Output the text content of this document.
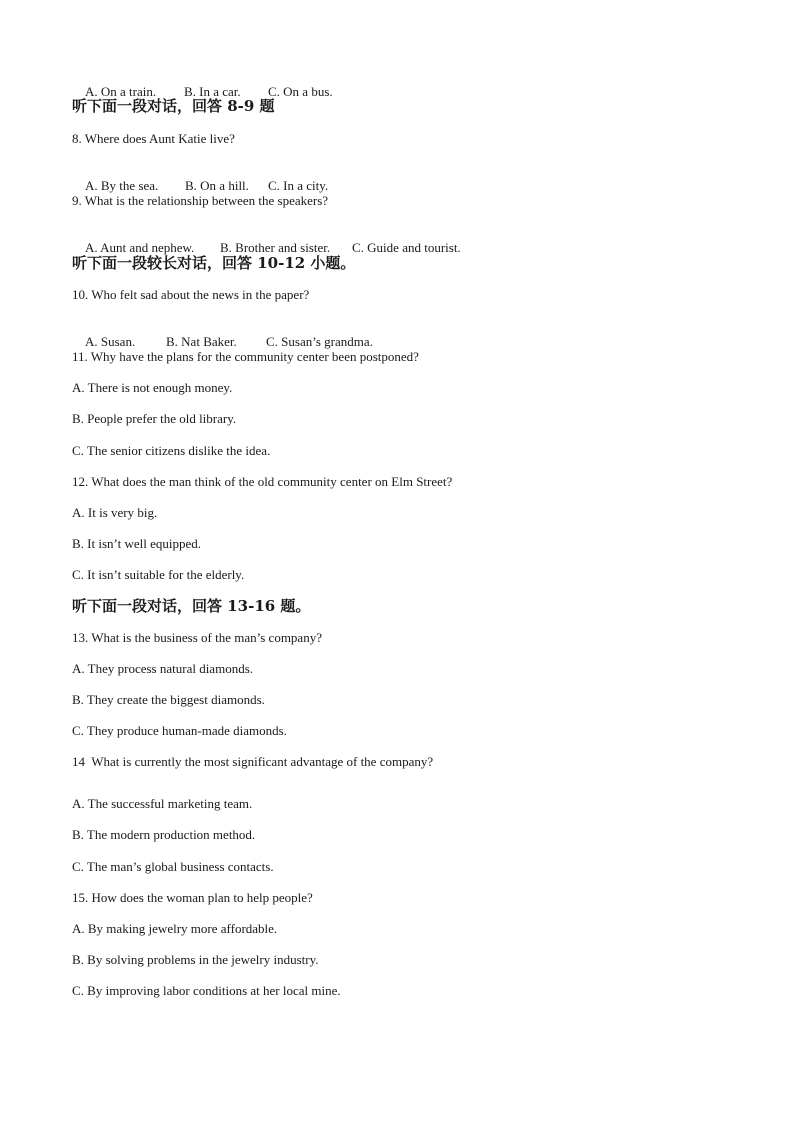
A. On a train. B. In a car. C. On a bus.

听下面一段对话，回答 8-9 题
8. Where does Aunt Katie live?

A. By the sea. B. On a hill. C. In a city.

9. What is the relationship between the speakers?

A. Aunt and nephew. B. Brother and sister. C. Guide and tourist.

听下面一段较长对话，回答 10-12 小题。
10. Who felt sad about the news in the paper?

A. Susan. B. Nat Baker. C. Susan’s grandma.

11. Why have the plans for the community center been postponed?
A. There is not enough money.
B. People prefer the old library.
C. The senior citizens dislike the idea.
12. What does the man think of the old community center on Elm Street?
A. It is very big.
B. It isn’t well equipped.
C. It isn’t suitable for the elderly.
听下面一段对话，回答 13-16 题。
13. What is the business of the man’s company?
A. They process natural diamonds.
B. They create the biggest diamonds.
C. They produce human-made diamonds.
14  What is currently the most significant advantage of the company?
A. The successful marketing team.
B. The modern production method.
C. The man’s global business contacts.
15. How does the woman plan to help people?
A. By making jewelry more affordable.
B. By solving problems in the jewelry industry.
C. By improving labor conditions at her local mine.
